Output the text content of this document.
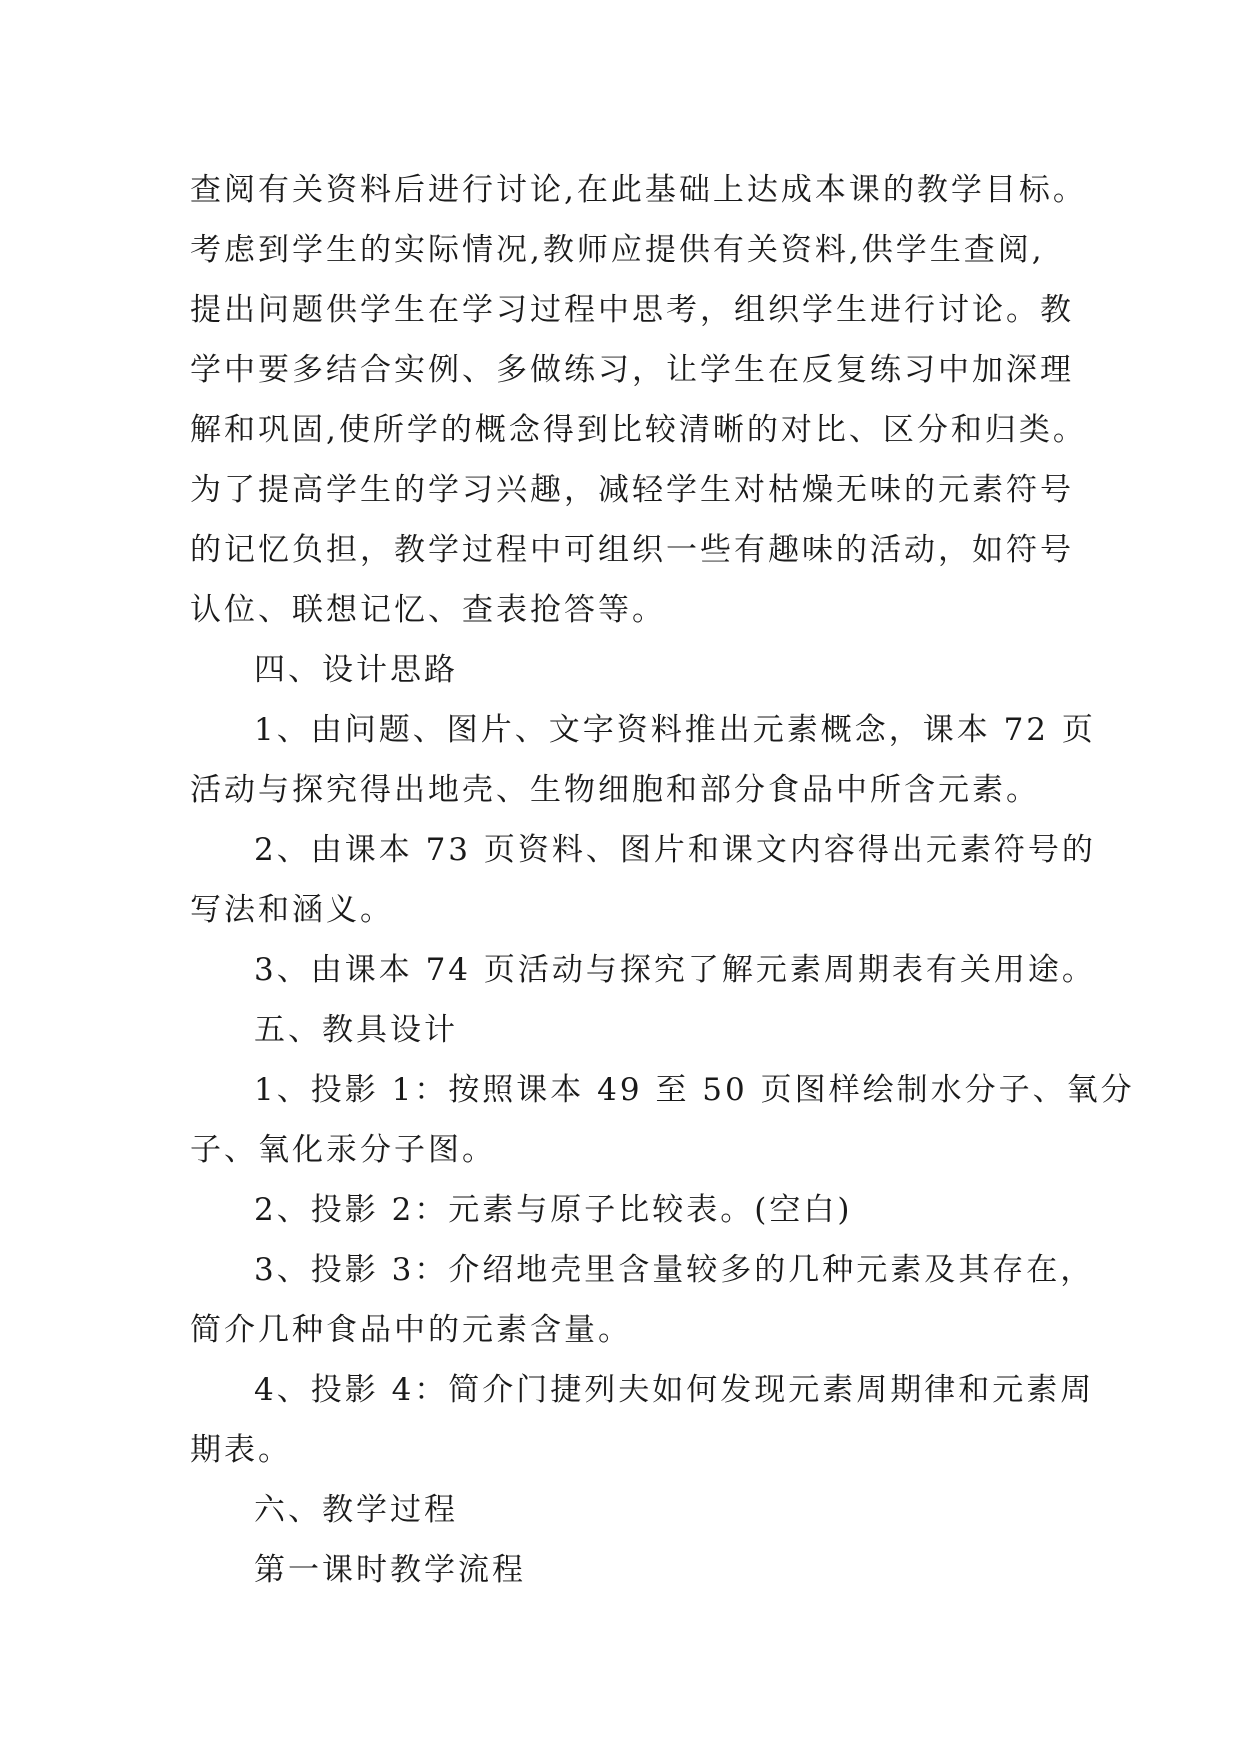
查阅有关资料后进行讨论,在此基础上达成本课的教学目标。
考虑到学生的实际情况,教师应提供有关资料,供学生查阅,
提出问题供学生在学习过程中思考，组织学生进行讨论。教
学中要多结合实例、多做练习，让学生在反复练习中加深理
解和巩固,使所学的概念得到比较清晰的对比、区分和归类。
为了提高学生的学习兴趣，减轻学生对枯燥无味的元素符号
的记忆负担，教学过程中可组织一些有趣味的活动，如符号
认位、联想记忆、查表抢答等。
四、设计思路
1、由问题、图片、文字资料推出元素概念，课本 72 页
活动与探究得出地壳、生物细胞和部分食品中所含元素。
2、由课本 73 页资料、图片和课文内容得出元素符号的
写法和涵义。
3、由课本 74 页活动与探究了解元素周期表有关用途。
五、教具设计
1、投影 1：按照课本 49 至 50 页图样绘制水分子、氧分
子、氧化汞分子图。
2、投影 2：元素与原子比较表。(空白)
3、投影 3：介绍地壳里含量较多的几种元素及其存在，
简介几种食品中的元素含量。
4、投影 4：简介门捷列夫如何发现元素周期律和元素周
期表。
六、教学过程
第一课时教学流程
